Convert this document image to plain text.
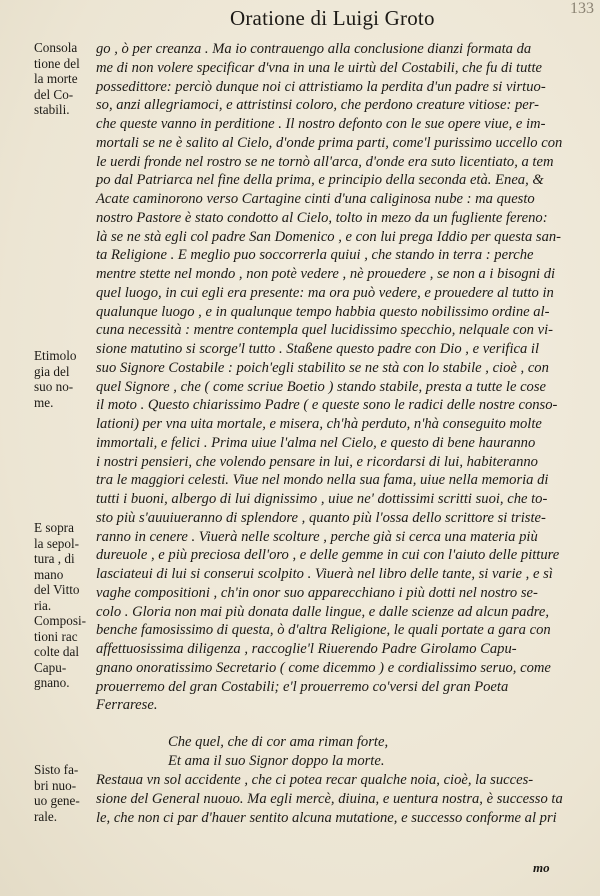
133
Oratione di Luigi Groto
Consola
tione del
la morte
del Co-
stabili.
Etimolo
gia del
suo no-
me.
E sopra
la sepol-
tura , di
mano
del Vitto
ria.
Composi-
tioni rac
colte dal
Capu-
gnano.
Sisto fa-
bri nuo-
uo gene-
rale.
go , ò per creanza . Ma io contrauengo alla conclusione dianzi formata da
me di non volere specificar d'vna in una le uirtù del Costabili, che fu di tutte
possedittore: perciò dunque noi ci attristiamo la perdita d'un padre si virtuo-
so, anzi allegriamoci, e attristinsi coloro, che perdono creature vitiose: per-
che queste vanno in perditione . Il nostro defonto con le sue opere viue, e im-
mortali se ne è salito al Cielo, d'onde prima parti, come'l purissimo uccello con
le uerdi fronde nel rostro se ne tornò all'arca, d'onde era suto licentiato, a tem
po dal Patriarca nel fine della prima, e principio della seconda età. Enea, &
Acate caminorono verso Cartagine cinti d'una caliginosa nube : ma questo
nostro Pastore è stato condotto al Cielo, tolto in mezo da un fugliente fereno:
là se ne stà egli col padre San Domenico , e con lui prega Iddio per questa san-
ta Religione . E meglio puo soccorrerla quiui , che stando in terra : perche
mentre stette nel mondo , non potè vedere , nè prouedere , se non a i bisogni di
quel luogo, in cui egli era presente: ma ora può vedere, e prouedere al tutto in
qualunque luogo , e in qualunque tempo habbia questo nobilissimo ordine al-
cuna necessità : mentre contempla quel lucidissimo specchio, nelquale con vi-
sione matutino si scorge'l tutto . Staßene questo padre con Dio , e verifica il
suo Signore Costabile : poich'egli stabilito se ne stà con lo stabile , cioè , con
quel Signore , che ( come scriue Boetio ) stando stabile, presta a tutte le cose
il moto . Questo chiarissimo Padre ( e queste sono le radici delle nostre conso-
lationi) per vna uita mortale, e misera, ch'hà perduto, n'hà conseguito molte
immortali, e felici . Prima uiue l'alma nel Cielo, e questo di bene hauranno
i nostri pensieri, che volendo pensare in lui, e ricordarsi di lui, habiteranno
tra le maggiori celesti. Viue nel mondo nella sua fama, uiue nella memoria di
tutti i buoni, albergo di lui dignissimo , uiue ne' dottissimi scritti suoi, che to-
sto più s'auuiueranno di splendore , quanto più l'ossa dello scrittore si triste-
ranno in cenere . Viuerà nelle scolture , perche già si cerca una materia più
dureuole , e più preciosa dell'oro , e delle gemme in cui con l'aiuto delle pitture
lasciateui di lui si conserui scolpito . Viuerà nel libro delle tante, si varie , e sì
vaghe compositioni , ch'in onor suo apparecchiano i più dotti nel nostro se-
colo . Gloria non mai più donata dalle lingue, e dalle scienze ad alcun padre,
benche famosissimo di questa, ò d'altra Religione, le quali portate a gara con
affettuosissima diligenza , raccoglie'l Riuerendo Padre Girolamo Capu-
gnano onoratissimo Secretario ( come dicemmo ) e cordialissimo seruo, come
prouerremo del gran Costabili; e'l prouerremo co'versi del gran Poeta
Ferrarese.
Che quel, che di cor ama riman forte,
Et ama il suo Signor doppo la morte.
Restaua vn sol accidente , che ci potea recar qualche noia, cioè, la succes-
sione del General nuouo. Ma egli mercè, diuina, e uentura nostra, è successo ta
le, che non ci par d'hauer sentito alcuna mutatione, e successo conforme al pri
mo
